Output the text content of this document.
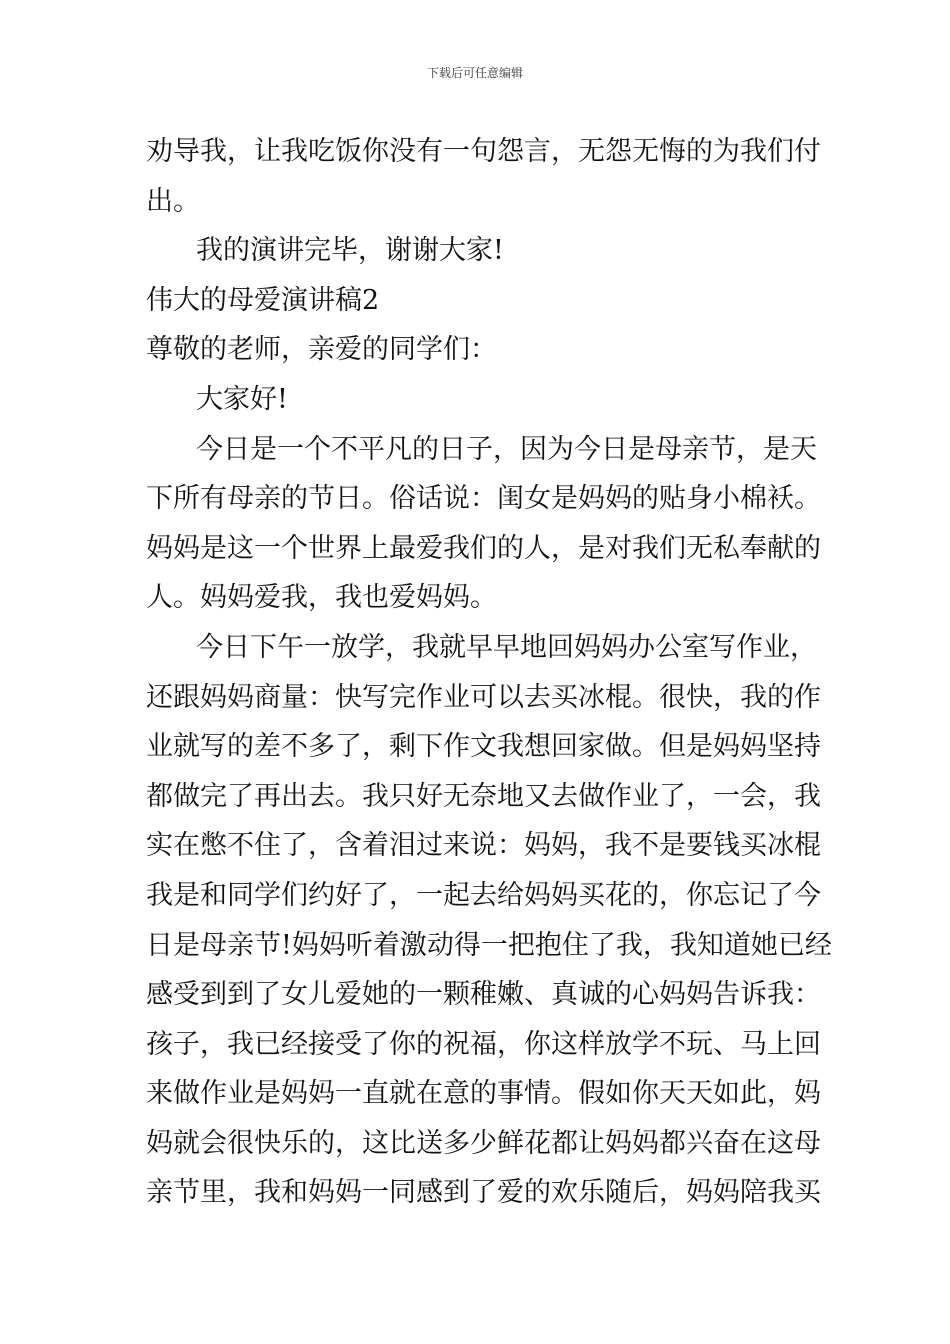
下载后可任意编辑
劝导我，让我吃饭你没有一句怨言，无怨无悔的为我们付
出。
我的演讲完毕，谢谢大家!
伟大的母爱演讲稿2
尊敬的老师，亲爱的同学们：
大家好!
今日是一个不平凡的日子，因为今日是母亲节，是天
下所有母亲的节日。俗话说：闺女是妈妈的贴身小棉袄。
妈妈是这一个世界上最爱我们的人，是对我们无私奉献的
人。妈妈爱我，我也爱妈妈。
今日下午一放学，我就早早地回妈妈办公室写作业，
还跟妈妈商量：快写完作业可以去买冰棍。很快，我的作
业就写的差不多了，剩下作文我想回家做。但是妈妈坚持
都做完了再出去。我只好无奈地又去做作业了，一会，我
实在憋不住了，含着泪过来说：妈妈，我不是要钱买冰棍
我是和同学们约好了，一起去给妈妈买花的，你忘记了今
日是母亲节!妈妈听着激动得一把抱住了我，我知道她已经
感受到到了女儿爱她的一颗稚嫩、真诚的心妈妈告诉我：
孩子，我已经接受了你的祝福，你这样放学不玩、马上回
来做作业是妈妈一直就在意的事情。假如你天天如此，妈
妈就会很快乐的，这比送多少鲜花都让妈妈都兴奋在这母
亲节里，我和妈妈一同感到了爱的欢乐随后，妈妈陪我买
